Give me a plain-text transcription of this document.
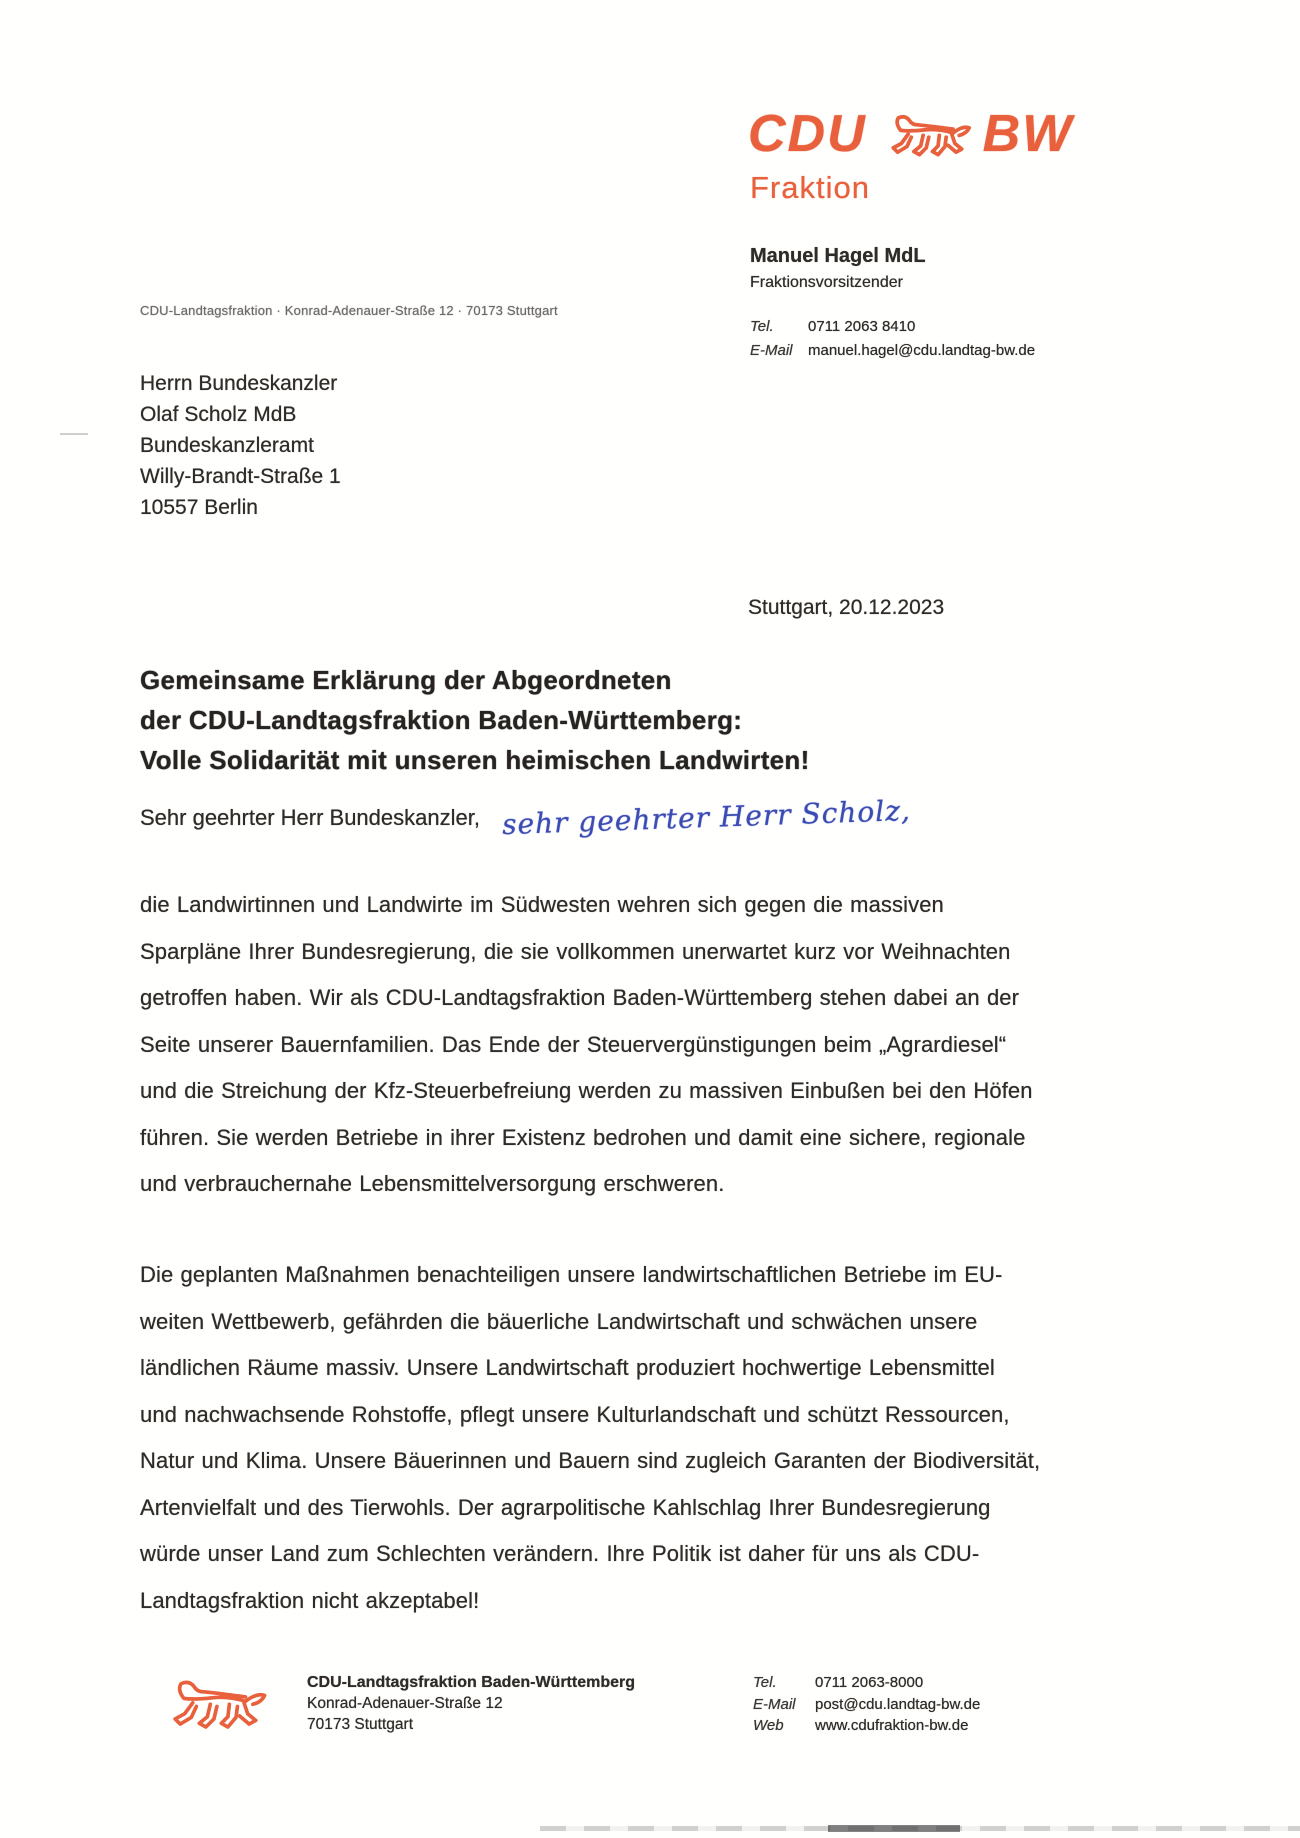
CDU BW
Fraktion
Manuel Hagel MdL
Fraktionsvorsitzender
Tel.	0711 2063 8410
E-Mail	manuel.hagel@cdu.landtag-bw.de
CDU-Landtagsfraktion · Konrad-Adenauer-Straße 12 · 70173 Stuttgart
Herrn Bundeskanzler
Olaf Scholz MdB
Bundeskanzleramt
Willy-Brandt-Straße 1
10557 Berlin
Stuttgart, 20.12.2023
Gemeinsame Erklärung der Abgeordneten
der CDU-Landtagsfraktion Baden-Württemberg:
Volle Solidarität mit unseren heimischen Landwirten!
Sehr geehrter Herr Bundeskanzler, sehr geehrter Herr Scholz,
die Landwirtinnen und Landwirte im Südwesten wehren sich gegen die massiven
Sparpläne Ihrer Bundesregierung, die sie vollkommen unerwartet kurz vor Weihnachten
getroffen haben. Wir als CDU-Landtagsfraktion Baden-Württemberg stehen dabei an der
Seite unserer Bauernfamilien. Das Ende der Steuervergünstigungen beim „Agrardiesel“
und die Streichung der Kfz-Steuerbefreiung werden zu massiven Einbußen bei den Höfen
führen. Sie werden Betriebe in ihrer Existenz bedrohen und damit eine sichere, regionale
und verbrauchernahe Lebensmittelversorgung erschweren.
Die geplanten Maßnahmen benachteiligen unsere landwirtschaftlichen Betriebe im EU-
weiten Wettbewerb, gefährden die bäuerliche Landwirtschaft und schwächen unsere
ländlichen Räume massiv. Unsere Landwirtschaft produziert hochwertige Lebensmittel
und nachwachsende Rohstoffe, pflegt unsere Kulturlandschaft und schützt Ressourcen,
Natur und Klima. Unsere Bäuerinnen und Bauern sind zugleich Garanten der Biodiversität,
Artenvielfalt und des Tierwohls. Der agrarpolitische Kahlschlag Ihrer Bundesregierung
würde unser Land zum Schlechten verändern. Ihre Politik ist daher für uns als CDU-
Landtagsfraktion nicht akzeptabel!
CDU-Landtagsfraktion Baden-Württemberg
Konrad-Adenauer-Straße 12
70173 Stuttgart
Tel.	0711 2063-8000
E-Mail	post@cdu.landtag-bw.de
Web	www.cdufraktion-bw.de
